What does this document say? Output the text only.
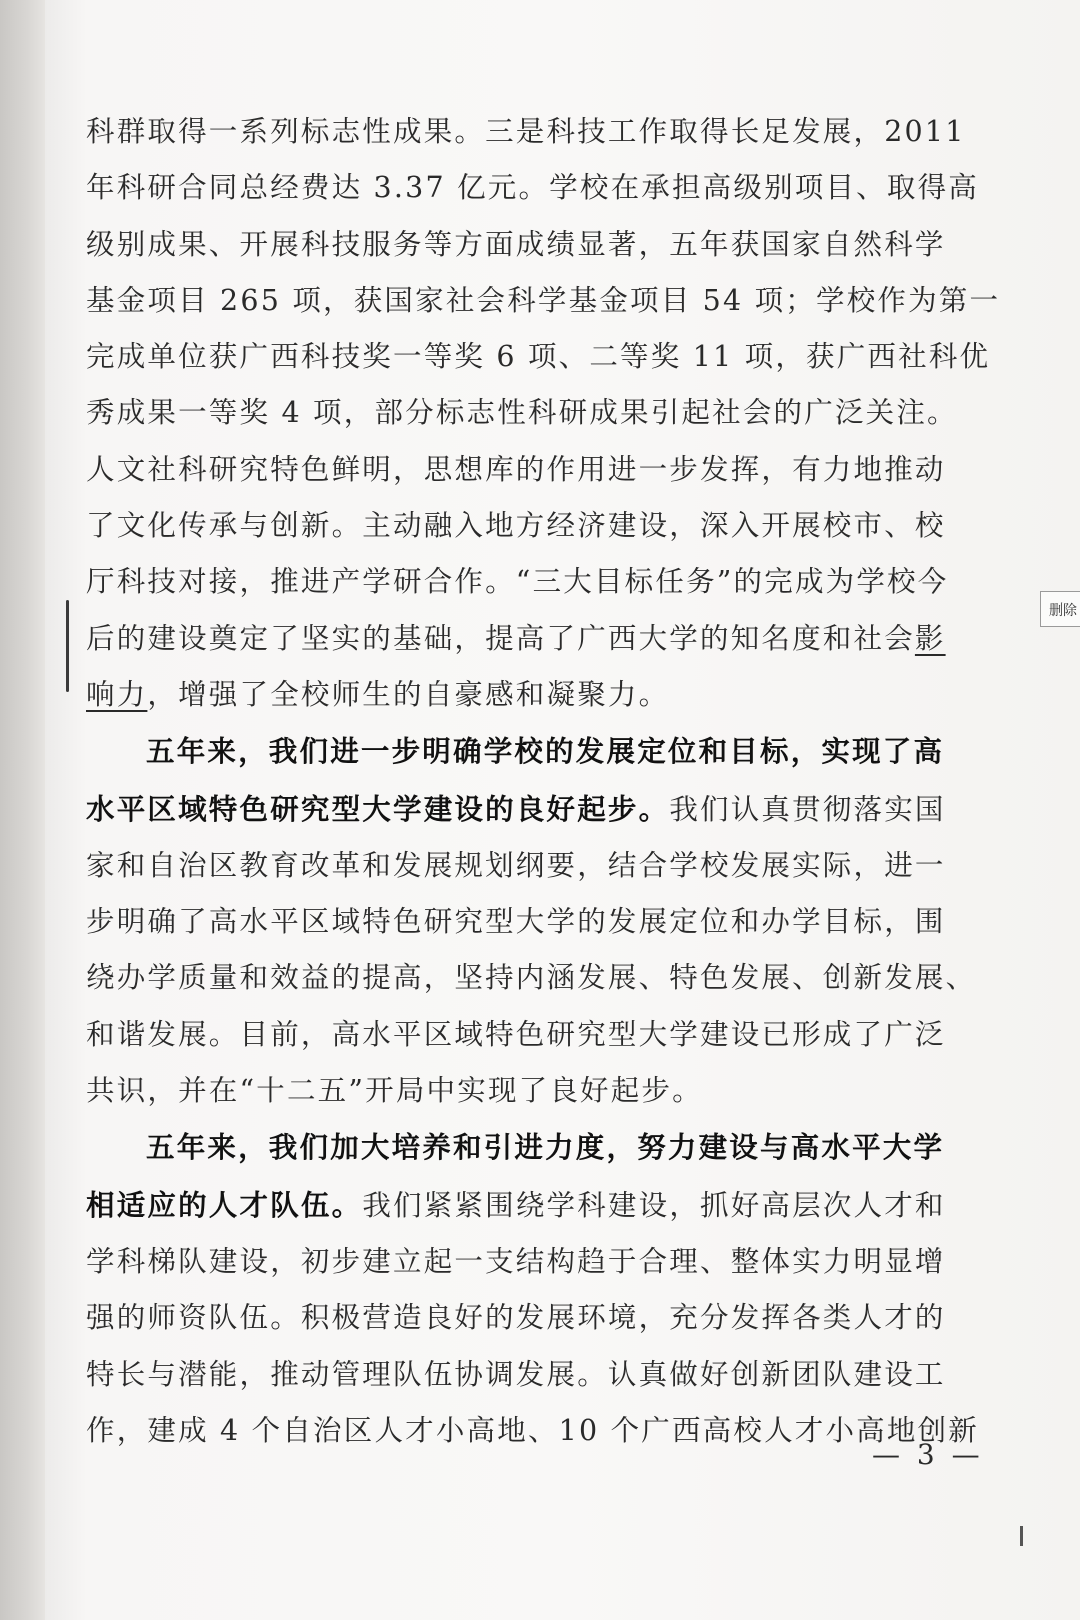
科群取得一系列标志性成果。三是科技工作取得长足发展，2011

年科研合同总经费达 3.37 亿元。学校在承担高级别项目、取得高

级别成果、开展科技服务等方面成绩显著，五年获国家自然科学

基金项目 265 项，获国家社会科学基金项目 54 项；学校作为第一

完成单位获广西科技奖一等奖 6 项、二等奖 11 项，获广西社科优

秀成果一等奖 4 项，部分标志性科研成果引起社会的广泛关注。

人文社科研究特色鲜明，思想库的作用进一步发挥，有力地推动

了文化传承与创新。主动融入地方经济建设，深入开展校市、校

厅科技对接，推进产学研合作。“三大目标任务”的完成为学校今

后的建设奠定了坚实的基础，提高了广西大学的知名度和社会影

响力，增强了全校师生的自豪感和凝聚力。

五年来，我们进一步明确学校的发展定位和目标，实现了高

水平区域特色研究型大学建设的良好起步。我们认真贯彻落实国

家和自治区教育改革和发展规划纲要，结合学校发展实际，进一

步明确了高水平区域特色研究型大学的发展定位和办学目标，围

绕办学质量和效益的提高，坚持内涵发展、特色发展、创新发展、

和谐发展。目前，高水平区域特色研究型大学建设已形成了广泛

共识，并在“十二五”开局中实现了良好起步。

五年来，我们加大培养和引进力度，努力建设与高水平大学

相适应的人才队伍。我们紧紧围绕学科建设，抓好高层次人才和

学科梯队建设，初步建立起一支结构趋于合理、整体实力明显增

强的师资队伍。积极营造良好的发展环境，充分发挥各类人才的

特长与潜能，推动管理队伍协调发展。认真做好创新团队建设工

作，建成 4 个自治区人才小高地、10 个广西高校人才小高地创新

删除
— 3 —
